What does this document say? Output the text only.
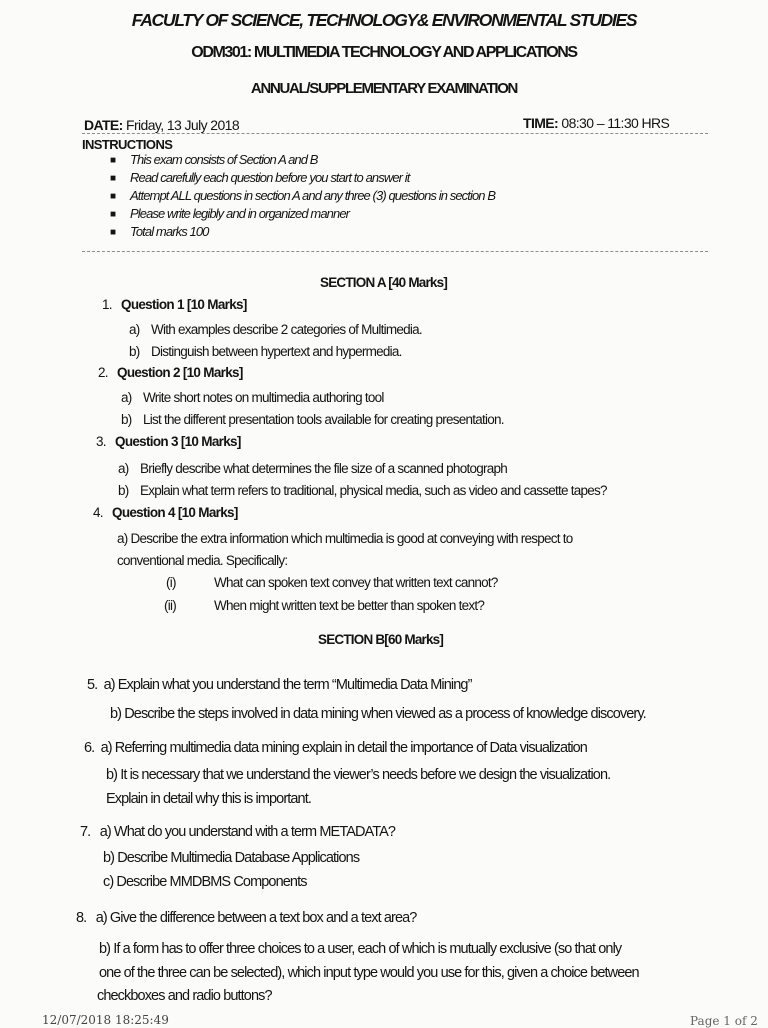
FACULTY OF SCIENCE, TECHNOLOGY& ENVIRONMENTAL STUDIES
ODM301: MULTIMEDIA TECHNOLOGY AND APPLICATIONS
ANNUAL/SUPPLEMENTARY EXAMINATION
DATE: Friday, 13 July 2018	TIME: 08:30 – 11:30 HRS
INSTRUCTIONS
■ This exam consists of Section A and B
■ Read carefully each question before you start to answer it
■ Attempt ALL questions in section A and any three (3) questions in section B
■ Please write legibly and in organized manner
■ Total marks 100
SECTION A [40 Marks]
1. Question 1 [10 Marks]
a) With examples describe 2 categories of Multimedia.
b) Distinguish between hypertext and hypermedia.
2. Question 2 [10 Marks]
a) Write short notes on multimedia authoring tool
b) List the different presentation tools available for creating presentation.
3. Question 3 [10 Marks]
a) Briefly describe what determines the file size of a scanned photograph
b) Explain what term refers to traditional, physical media, such as video and cassette tapes?
4. Question 4 [10 Marks]
a) Describe the extra information which multimedia is good at conveying with respect to
conventional media. Specifically:
(i)	What can spoken text convey that written text cannot?
(ii)	When might written text be better than spoken text?
SECTION B[60 Marks]
5. a) Explain what you understand the term “Multimedia Data Mining”
b) Describe the steps involved in data mining when viewed as a process of knowledge discovery.
6. a) Referring multimedia data mining explain in detail the importance of Data visualization
b) It is necessary that we understand the viewer’s needs before we design the visualization.
Explain in detail why this is important.
7. a) What do you understand with a term METADATA?
b) Describe Multimedia Database Applications
c) Describe MMDBMS Components
8. a) Give the difference between a text box and a text area?
b) If a form has to offer three choices to a user, each of which is mutually exclusive (so that only
one of the three can be selected), which input type would you use for this, given a choice between
checkboxes and radio buttons?
12/07/2018 18:25:49	Page 1 of 2
